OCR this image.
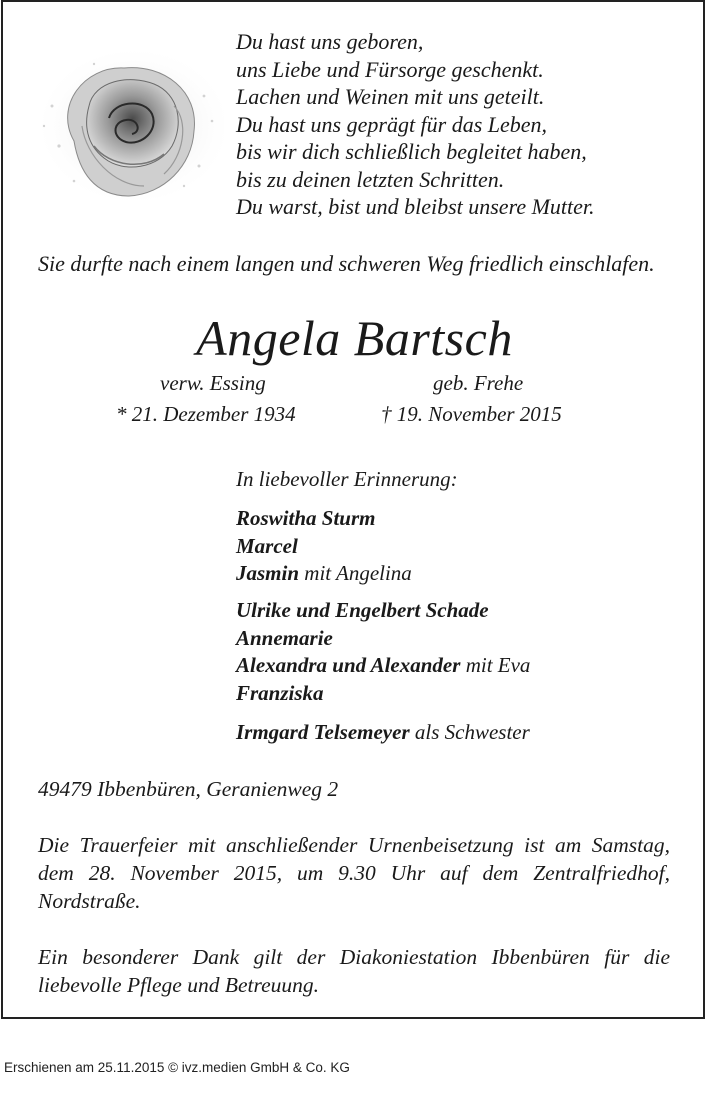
Du hast uns geboren,
uns Liebe und Fürsorge geschenkt.
Lachen und Weinen mit uns geteilt.
Du hast uns geprägt für das Leben,
bis wir dich schließlich begleitet haben,
bis zu deinen letzten Schritten.
Du warst, bist und bleibst unsere Mutter.
Sie durfte nach einem langen und schweren Weg friedlich einschlafen.
Angela Bartsch
verw. Essing	geb. Frehe
* 21. Dezember 1934	† 19. November 2015
In liebevoller Erinnerung:
Roswitha Sturm
Marcel
Jasmin mit Angelina
Ulrike und Engelbert Schade
Annemarie
Alexandra und Alexander mit Eva
Franziska
Irmgard Telsemeyer als Schwester
49479 Ibbenbüren, Geranienweg 2
Die Trauerfeier mit anschließender Urnenbeisetzung ist am Samstag, dem 28. November 2015, um 9.30 Uhr auf dem Zentralfriedhof, Nordstraße.
Ein besonderer Dank gilt der Diakoniestation Ibbenbüren für die liebevolle Pflege und Betreuung.
Erschienen am 25.11.2015 © ivz.medien GmbH & Co. KG
